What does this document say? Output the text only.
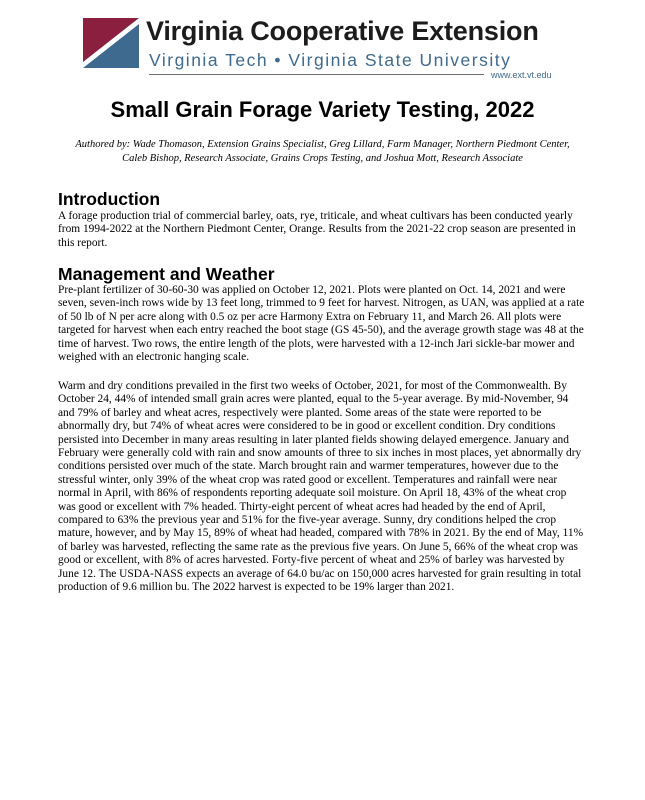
Virginia Cooperative Extension
Virginia Tech • Virginia State University
www.ext.vt.edu
Small Grain Forage Variety Testing, 2022

Authored by: Wade Thomason, Extension Grains Specialist, Greg Lillard, Farm Manager, Northern Piedmont Center, Caleb Bishop, Research Associate, Grains Crops Testing, and Joshua Mott, Research Associate

Introduction

A forage production trial of commercial barley, oats, rye, triticale, and wheat cultivars has been conducted yearly from 1994-2022 at the Northern Piedmont Center, Orange. Results from the 2021-22 crop season are presented in this report.

Management and Weather

Pre-plant fertilizer of 30-60-30 was applied on October 12, 2021. Plots were planted on Oct. 14, 2021 and were seven, seven-inch rows wide by 13 feet long, trimmed to 9 feet for harvest. Nitrogen, as UAN, was applied at a rate of 50 lb of N per acre along with 0.5 oz per acre Harmony Extra on February 11, and March 26. All plots were targeted for harvest when each entry reached the boot stage (GS 45-50), and the average growth stage was 48 at the time of harvest. Two rows, the entire length of the plots, were harvested with a 12-inch Jari sickle-bar mower and weighed with an electronic hanging scale.

Warm and dry conditions prevailed in the first two weeks of October, 2021, for most of the Commonwealth. By October 24, 44% of intended small grain acres were planted, equal to the 5-year average. By mid-November, 94 and 79% of barley and wheat acres, respectively were planted. Some areas of the state were reported to be abnormally dry, but 74% of wheat acres were considered to be in good or excellent condition. Dry conditions persisted into December in many areas resulting in later planted fields showing delayed emergence. January and February were generally cold with rain and snow amounts of three to six inches in most places, yet abnormally dry conditions persisted over much of the state. March brought rain and warmer temperatures, however due to the stressful winter, only 39% of the wheat crop was rated good or excellent. Temperatures and rainfall were near normal in April, with 86% of respondents reporting adequate soil moisture. On April 18, 43% of the wheat crop was good or excellent with 7% headed. Thirty-eight percent of wheat acres had headed by the end of April, compared to 63% the previous year and 51% for the five-year average. Sunny, dry conditions helped the crop mature, however, and by May 15, 89% of wheat had headed, compared with 78% in 2021. By the end of May, 11% of barley was harvested, reflecting the same rate as the previous five years. On June 5, 66% of the wheat crop was good or excellent, with 8% of acres harvested. Forty-five percent of wheat and 25% of barley was harvested by June 12. The USDA-NASS expects an average of 64.0 bu/ac on 150,000 acres harvested for grain resulting in total production of 9.6 million bu. The 2022 harvest is expected to be 19% larger than 2021.
